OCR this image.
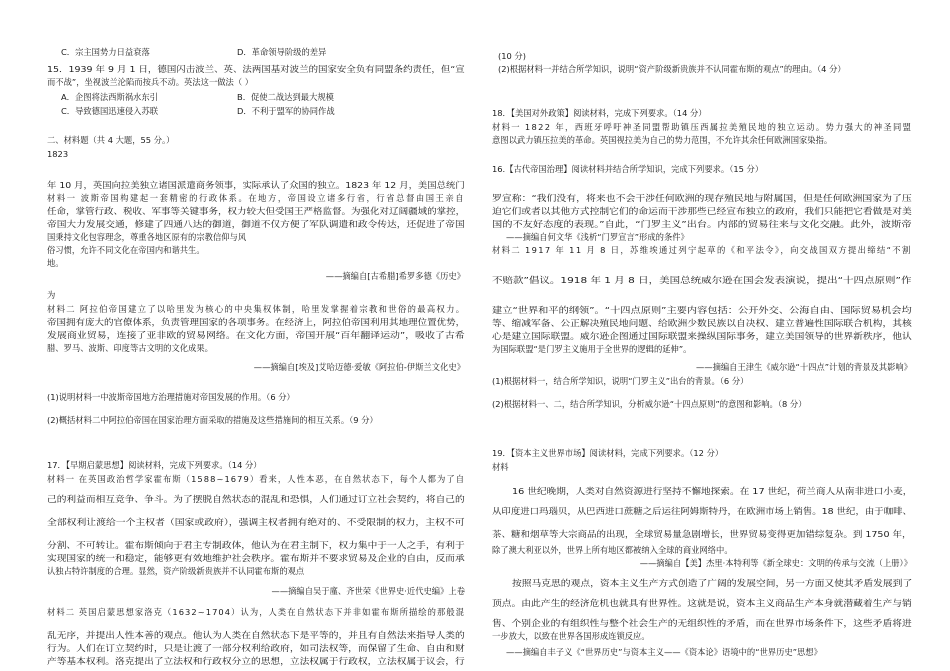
C．宗主国势力日益衰落	D．革命领导阶级的差异
15．1939 年 9 月 1 日，德国闪击波兰、英、法两国基对波兰的国家安全负有同盟条约责任，但“宣
而不战”，坐视波兰沦陷而按兵不动。英法这一做法（ ）
A．企图将法西斯祸水东引	B．促使二战达到最大规模
C．导致德国迅速侵入苏联	D．不利于盟军的协同作战
二、材料题（共 4 大题，55 分。）
1823
年 10 月，英国向拉美独立诸国派遣商务领事，实际承认了众国的独立。1823 年 12 月，美国总统门
材料一 波斯帝国构建起一套精密的行政体系。在地方，帝国设立诸多行省，行省总督由国王亲自
任命，掌管行政、税收、军事等关键事务，权力较大但受国王严格监督。为强化对辽阔疆域的掌控，
帝国大力发展交通，修建了四通八达的御道，御道不仅方便了军队调遣和政令传达，还促进了帝国
国秉持文化包容理念，尊重各地区原有的宗教信仰与风
俗习惯，允许不同文化在帝国内和谐共生。
地。
——摘编自[古希腊]希罗多德《历史》
为
材料二 阿拉伯帝国建立了以哈里发为核心的中央集权体制，哈里发掌握着宗教和世俗的最高权力。
帝国拥有庞大的官僚体系，负责管理国家的各项事务。在经济上，阿拉伯帝国利用其地理位置优势，
发展商业贸易，连接了亚非欧的贸易网络。在文化方面，帝国开展“百年翻译运动”，吸收了古希
腊、罗马、波斯、印度等古文明的文化成果。
——摘编自[埃及]艾哈迈德·爱敏《阿拉伯-伊斯兰文化史》
(1)说明材料一中波斯帝国地方治理措施对帝国发展的作用。（6 分）
(2)概括材料二中阿拉伯帝国在国家治理方面采取的措施及这些措施间的相互关系。（9 分）
17．【早期启蒙思想】阅读材料，完成下列要求。（14 分）
材料一 在英国政治哲学家霍布斯（1588~1679）看来，人性本恶，在自然状态下，每个人都为了自
己的利益而相互竞争、争斗。为了摆脱自然状态的混乱和恐惧，人们通过订立社会契约，将自己的
全部权利让渡给一个主权者（国家或政府），强调主权者拥有绝对的、不受限制的权力，主权不可
分割、不可转让。霍布斯倾向于君主专制政体，他认为在君主制下，权力集中于一人之手，有利于
实现国家的统一和稳定，能够更有效地维护社会秩序。霍布斯并不要求贸易及企业的自由，反而承
认独占特许制度的合理。显然，资产阶级新贵族并不认同霍布斯的观点
——摘编自吴于廑、齐世荣《世界史·近代史编》上卷
材料二 英国启蒙思想家洛克（1632~1704）认为，人类在自然状态下并非如霍布斯所描绘的那般混
乱无序，并提出人性本善的观点。他认为人类在自然状态下是平等的，并且有自然法来指导人类的
行为。人们在订立契约时，只是让渡了一部分权利给政府，如司法权等，而保留了生命、自由和财
产等基本权利。洛克提出了立法权和行政权分立的思想，立法权属于行政权，立法权属于议会，行
(10 分)
(2)根据材料一并结合所学知识，说明“资产阶级新贵族并不认同霍布斯的观点”的理由。（4 分）
18．【美国对外政策】阅读材料，完成下列要求。（14 分）
材料一 1822 年，西班牙呼吁神圣同盟帮助镇压西属拉美殖民地的独立运动。势力强大的神圣同盟
意图以武力镇压拉美的革命。英国视拉美为自己的势力范围，不允许其余任何欧洲国家染指。
16.【古代帝国治理】阅读材料并结合所学知识，完成下列要求。（15 分）
罗宣称：“我们没有，将来也不会干涉任何欧洲的现存殖民地与附属国，但是任何欧洲国家为了压
迫它们或者以其他方式控制它们的命运而干涉那些已经宣布独立的政府，我们只能把它看做是对美
国的不友好态度的表现。”自此，“门罗主义”出台。内部的贸易往来与文化交融。此外，波斯帝
——摘编自何文华《浅析“门罗宣言”形成的条件》
材料二 1917 年 11 月 8 日，苏维埃通过列宁起草的《和平法令》，向交战国双方提出缔结“不割
不赔款”倡议。1918 年 1 月 8 日，美国总统威尔逊在国会发表演说，提出“十四点原则”作
建立“世界和平的纲领”。“十四点原则”主要内容包括：公开外交、公海自由、国际贸易机会均
等、缩减军备、公正解决殖民地问题、给欧洲少数民族以自决权、建立普遍性国际联合机构，其核
心是建立国际联盟。威尔逊企图通过国际联盟来操纵国际事务，建立美国领导的世界新秩序，他认
为国际联盟“是门罗主义施用于全世界的逻辑的延伸”。
——摘编自王津生《威尔逊“十四点”计划的背景及其影响》
(1)根据材料一，结合所学知识，说明“门罗主义”出台的背景。（6 分）
(2)根据材料一、二，结合所学知识，分析威尔逊“十四点原则”的意图和影响。（8 分）
19．【资本主义世界市场】阅读材料，完成下列要求。（12 分）
材料
16 世纪晚期，人类对自然资源进行坚持不懈地探索。在 17 世纪，荷兰商人从南非进口小麦，
从印度进口玛瑙贝，从巴西进口蔗糖之后运往阿姆斯特丹，在欧洲市场上销售。18 世纪，由于咖啡、
茶、糖和烟草等大宗商品的出现，全球贸易量急剧增长，世界贸易变得更加错综复杂。到 1750 年，
除了澳大利亚以外，世界上所有地区都被纳入全球的商业网络中。
——摘编自【美】杰里·本特利等《新全球史：文明的传承与交流（上册）》
按照马克思的观点，资本主义生产方式创造了广阔的发展空间，另一方面又使其矛盾发展到了
顶点。由此产生的经济危机也就具有世界性。这就是说，资本主义商品生产本身就潜藏着生产与销
售、个别企业的有组织性与整个社会生产的无组织性的矛盾，而在世界市场条件下，这些矛盾将进
一步放大，以致在世界各国形成连锁反应。
——摘编自丰子义《“世界历史”与资本主义——《资本论》语境中的“世界历史”思想》
